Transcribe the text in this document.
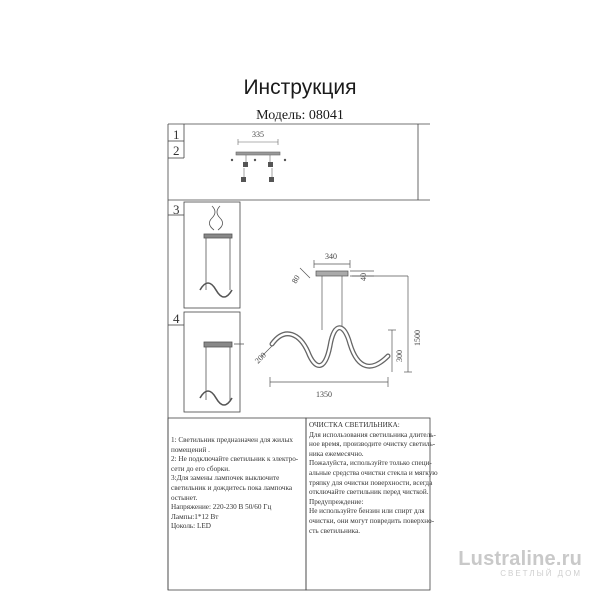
Инструкция
Модель: 08041
335
340
40
80
1500
300
200
1350
1
2
3
4
1: Светильник предназначен для жилых
помещений .
2: Не подключайте светильник к электро-
сети до его сборки.
3:Для замены лампочек выключите
светильник и дождитесь пока лампочка
остынет.
Напряжение: 220-230 В 50/60 Гц
Лампы:1*12 Вт
Цоколь: LED
ОЧИСТКА СВЕТИЛЬНИКА:
Для использования светильника длитель-
ное время, производите очистку светиль-
ника ежемесячно.
Пожалуйста, используйте только специ-
альные средства очистки стекла и мягкую
тряпку для очистки поверхности, всегда
отключайте светильник перед чисткой.
Предупреждение:
Не используйте бензин или спирт для
очистки, они могут повредить поверхно-
сть светильника.
Lustraline.ru
СВЕТЛЫЙ ДОМ
